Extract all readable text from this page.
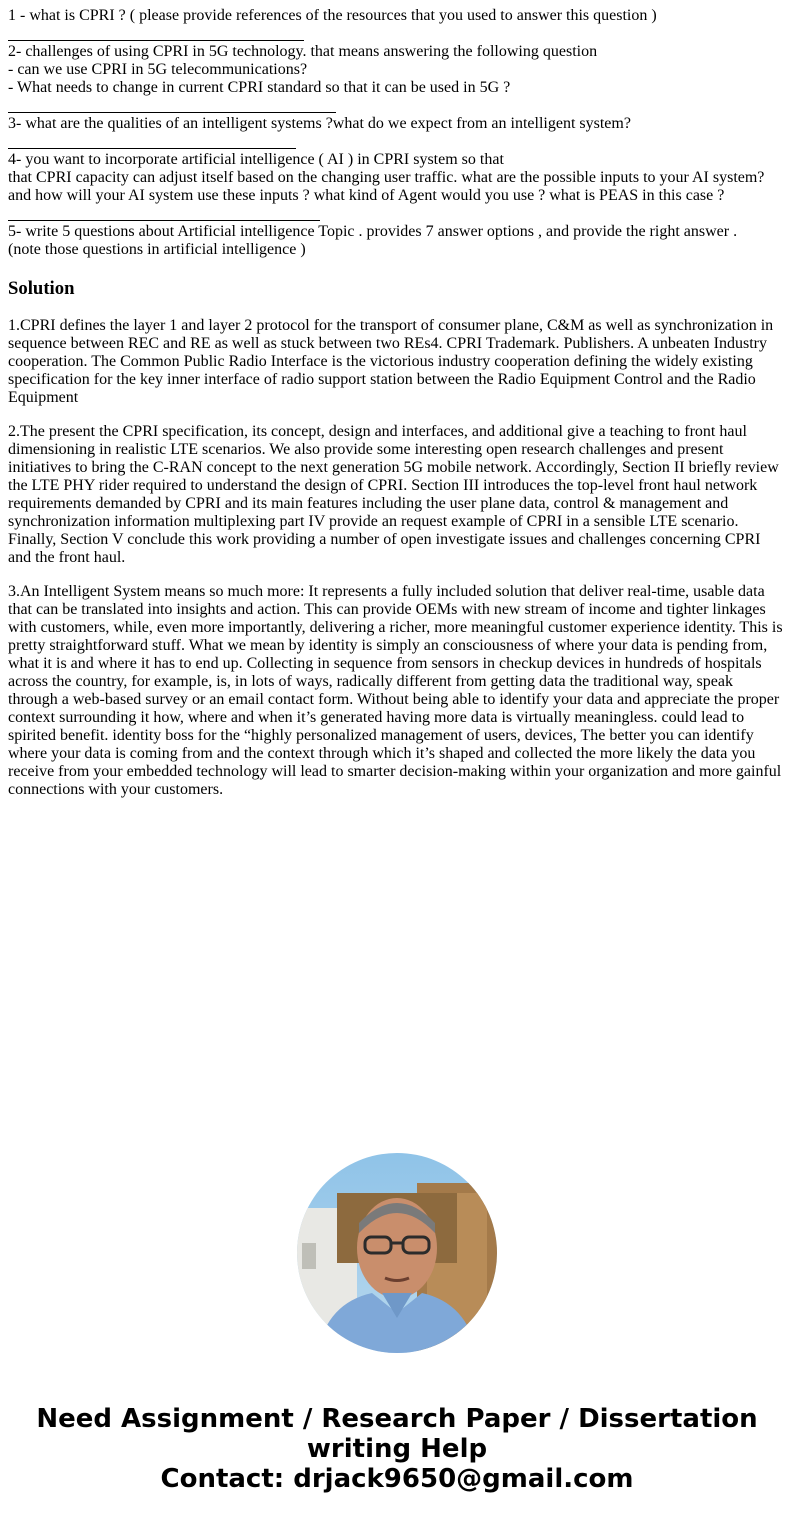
1 - what is CPRI ? ( please provide references of the resources that you used to answer this question )
2- challenges of using CPRI in 5G technology. that means answering the following question
- can we use CPRI in 5G telecommunications?
- What needs to change in current CPRI standard so that it can be used in 5G ?
3- what are the qualities of an intelligent systems ?what do we expect from an intelligent system?
4- you want to incorporate artificial intelligence ( AI ) in CPRI system so that
that CPRI capacity can adjust itself based on the changing user traffic. what are the possible inputs to your AI system?
and how will your AI system use these inputs ? what kind of Agent would you use ? what is PEAS in this case ?
5- write 5 questions about Artificial intelligence Topic . provides 7 answer options , and provide the right answer .
(note those questions in artificial intelligence )
Solution

1.CPRI defines the layer 1 and layer 2 protocol for the transport of consumer plane, C&M as well as synchronization in sequence between REC and RE as well as stuck between two REs4. CPRI Trademark. Publishers. A unbeaten Industry cooperation. The Common Public Radio Interface is the victorious industry cooperation defining the widely existing specification for the key inner interface of radio support station between the Radio Equipment Control and the Radio Equipment

2.The present the CPRI specification, its concept, design and interfaces, and additional give a teaching to front haul dimensioning in realistic LTE scenarios. We also provide some interesting open research challenges and present initiatives to bring the C-RAN concept to the next generation 5G mobile network. Accordingly, Section II briefly review the LTE PHY rider required to understand the design of CPRI. Section III introduces the top-level front haul network requirements demanded by CPRI and its main features including the user plane data, control & management and synchronization information multiplexing part IV provide an request example of CPRI in a sensible LTE scenario. Finally, Section V conclude this work providing a number of open investigate issues and challenges concerning CPRI and the front haul.

3.An Intelligent System means so much more: It represents a fully included solution that deliver real-time, usable data that can be translated into insights and action. This can provide OEMs with new stream of income and tighter linkages with customers, while, even more importantly, delivering a richer, more meaningful customer experience identity. This is pretty straightforward stuff. What we mean by identity is simply an consciousness of where your data is pending from, what it is and where it has to end up. Collecting in sequence from sensors in checkup devices in hundreds of hospitals across the country, for example, is, in lots of ways, radically different from getting data the traditional way, speak through a web-based survey or an email contact form. Without being able to identify your data and appreciate the proper context surrounding it how, where and when it’s generated having more data is virtually meaningless. could lead to spirited benefit. identity boss for the “highly personalized management of users, devices, The better you can identify where your data is coming from and the context through which it’s shaped and collected the more likely the data you receive from your embedded technology will lead to smarter decision-making within your organization and more gainful connections with your customers.

Need Assignment / Research Paper / Dissertation
writing Help
Contact: drjack9650@gmail.com
